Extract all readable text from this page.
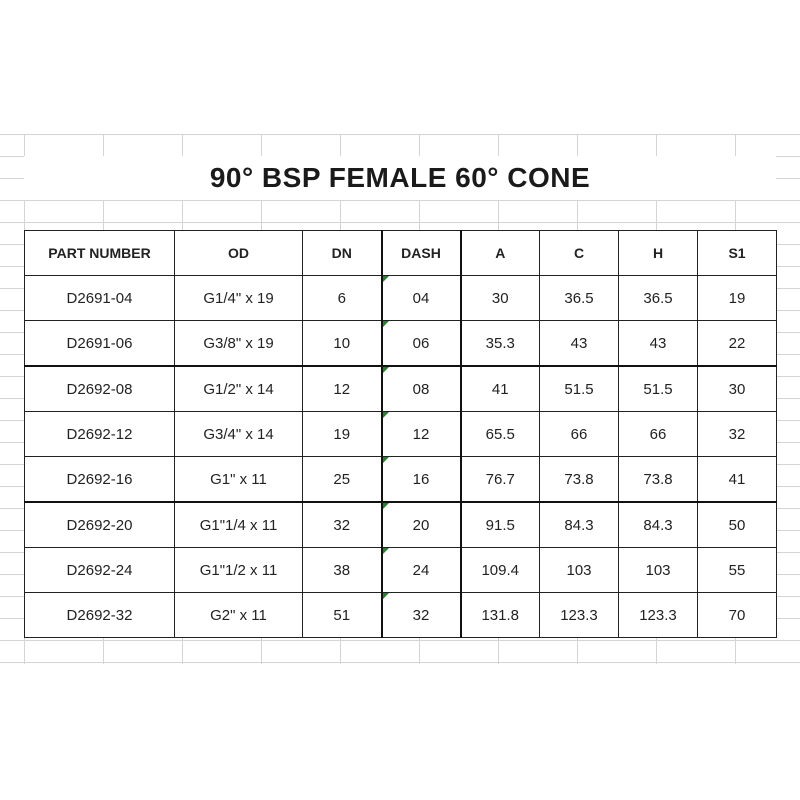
90° BSP FEMALE 60° CONE
PART NUMBER	OD	DN	DASH	A	C	H	S1
D2691-04	G1/4" x 19	6	04	30	36.5	36.5	19
D2691-06	G3/8" x 19	10	06	35.3	43	43	22
D2692-08	G1/2" x 14	12	08	41	51.5	51.5	30
D2692-12	G3/4" x 14	19	12	65.5	66	66	32
D2692-16	G1" x 11	25	16	76.7	73.8	73.8	41
D2692-20	G1"1/4 x 11	32	20	91.5	84.3	84.3	50
D2692-24	G1"1/2 x 11	38	24	109.4	103	103	55
D2692-32	G2" x 11	51	32	131.8	123.3	123.3	70
